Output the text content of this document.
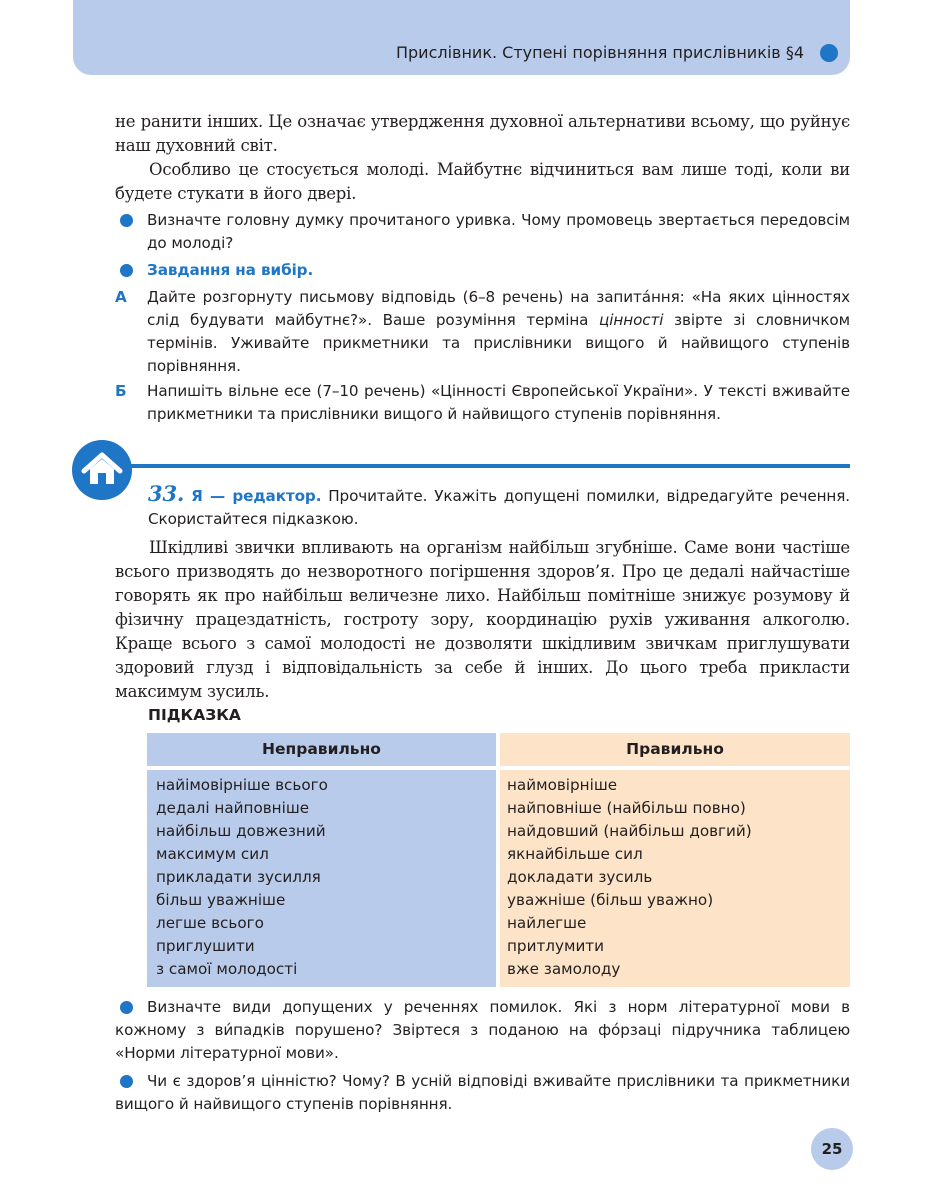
Прислівник. Ступені порівняння прислівників §4
не ранити інших. Це означає утвердження духовної альтернативи всьому, що руйнує наш духовний світ.
Особливо це стосується молоді. Майбутнє відчиниться вам лише тоді, коли ви будете стукати в його двері.
Визначте головну думку прочитаного уривка. Чому промовець звертається передовсім до молоді?
Завдання на вибір.
А Дайте розгорнуту письмову відповідь (6–8 речень) на запита́ння: «На яких цінностях слід будувати майбутнє?». Ваше розуміння терміна цінності звірте зі словничком термінів. Уживайте прикметники та прислівники вищого й найвищого ступенів порівняння.
Б Напишіть вільне есе (7–10 речень) «Цінності Європейської України». У тексті вживайте прикметники та прислівники вищого й найвищого ступенів порівняння.
33. Я — редактор. Прочитайте. Укажіть допущені помилки, відредагуйте речення. Скористайтеся підказкою.
Шкідливі звички впливають на організм найбільш згубніше. Саме вони частіше всього призводять до незворотного погіршення здоров’я. Про це дедалі найчастіше говорять як про найбільш величезне лихо. Найбільш помітніше знижує розумову й фізичну працездатність, гостроту зору, координацію рухів уживання алкоголю. Краще всього з самої молодості не дозволяти шкідливим звичкам приглушувати здоровий глузд і відповідальність за себе й інших. До цього треба прикласти максимум зусиль.
ПІДКАЗКА
Неправильно	Правильно
найімовірніше всього
дедалі найповніше
найбільш довжезний
максимум сил
прикладати зусилля
більш уважніше
легше всього
приглушити
з самої молодості
наймовірніше
найповніше (найбільш повно)
найдовший (найбільш довгий)
якнайбільше сил
докладати зусиль
уважніше (більш уважно)
найлегше
притлумити
вже замолоду
Визначте види допущених у реченнях помилок. Які з норм літературної мови в кожному з ви́падків порушено? Звіртеся з поданою на фо́рзаці підручника таблицею «Норми літературної мови».
Чи є здоров’я цінністю? Чому? В усній відповіді вживайте прислівники та прикметники вищого й найвищого ступенів порівняння.
25
